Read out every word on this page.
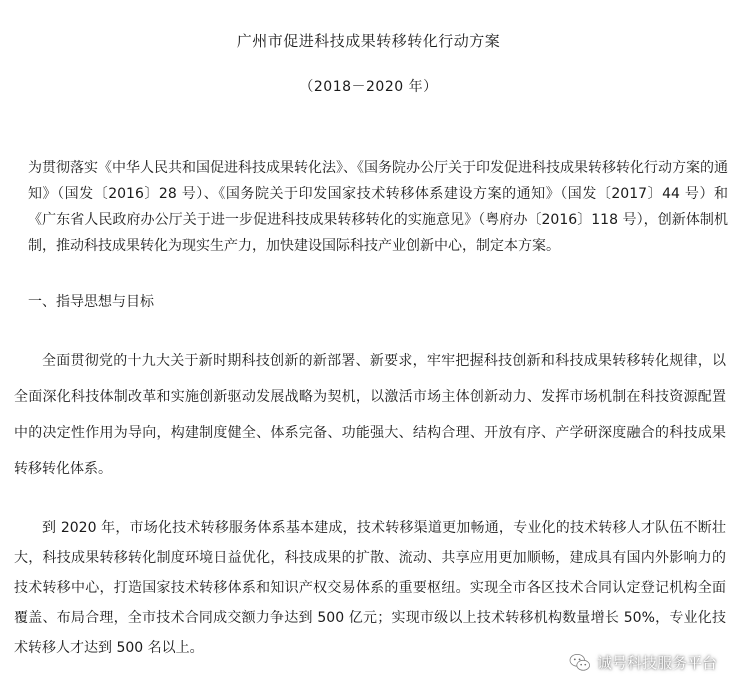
广州市促进科技成果转移转化行动方案
（2018－2020 年）

为贯彻落实《中华人民共和国促进科技成果转化法》、《国务院办公厅关于印发促进科技成果转移转化行动方案的通知》（国发〔2016〕28 号）、《国务院关于印发国家技术转移体系建设方案的通知》（国发〔2017〕44 号）和《广东省人民政府办公厅关于进一步促进科技成果转移转化的实施意见》（粤府办〔2016〕118 号），创新体制机制，推动科技成果转化为现实生产力，加快建设国际科技产业创新中心，制定本方案。

一、指导思想与目标

全面贯彻党的十九大关于新时期科技创新的新部署、新要求，牢牢把握科技创新和科技成果转移转化规律，以全面深化科技体制改革和实施创新驱动发展战略为契机，以激活市场主体创新动力、发挥市场机制在科技资源配置中的决定性作用为导向，构建制度健全、体系完备、功能强大、结构合理、开放有序、产学研深度融合的科技成果转移转化体系。

到 2020 年，市场化技术转移服务体系基本建成，技术转移渠道更加畅通，专业化的技术转移人才队伍不断壮大，科技成果转移转化制度环境日益优化，科技成果的扩散、流动、共享应用更加顺畅，建成具有国内外影响力的技术转移中心，打造国家技术转移体系和知识产权交易体系的重要枢纽。实现全市各区技术合同认定登记机构全面覆盖、布局合理，全市技术合同成交额力争达到 500 亿元；实现市级以上技术转移机构数量增长 50%，专业化技术转移人才达到 500 名以上。

诚号科技服务平台
